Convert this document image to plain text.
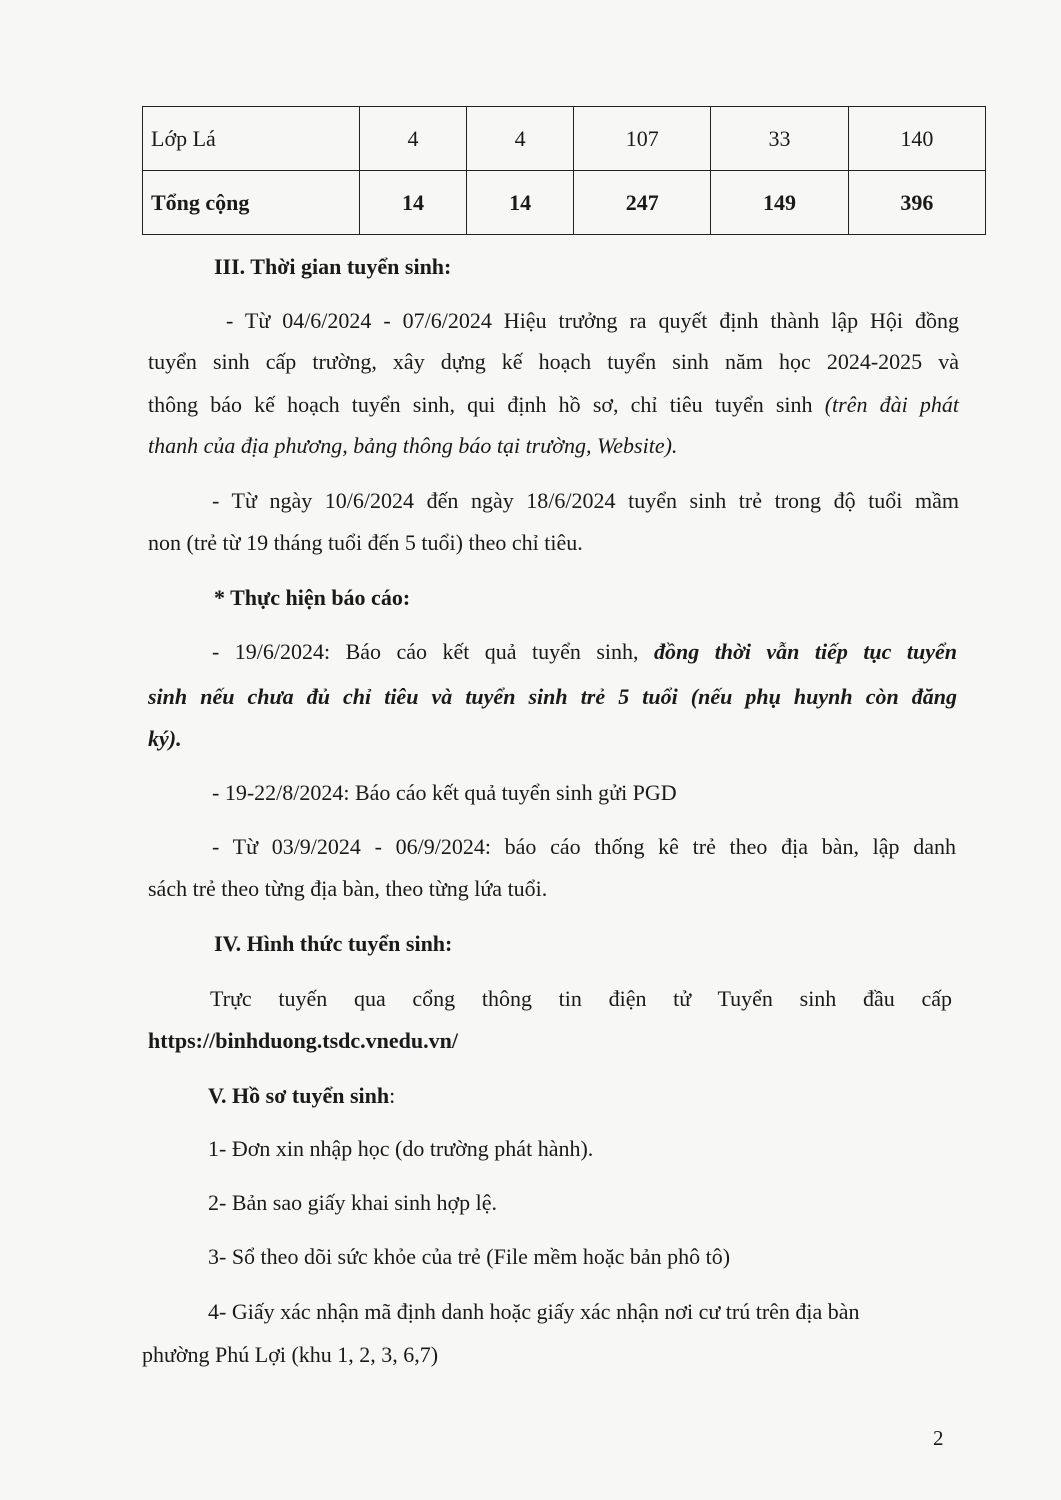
Lớp Lá	4	4	107	33	140
Tổng cộng	14	14	247	149	396
III. Thời gian tuyển sinh:
- Từ 04/6/2024 - 07/6/2024 Hiệu trưởng ra quyết định thành lập Hội đồng
tuyển sinh cấp trường, xây dựng kế hoạch tuyển sinh năm học 2024-2025 và
thông báo kế hoạch tuyển sinh, qui định hồ sơ, chỉ tiêu tuyển sinh (trên đài phát
thanh của địa phương, bảng thông báo tại trường, Website).
- Từ ngày 10/6/2024 đến ngày 18/6/2024 tuyển sinh trẻ trong độ tuổi mầm
non (trẻ từ 19 tháng tuổi đến 5 tuổi) theo chỉ tiêu.
* Thực hiện báo cáo:
- 19/6/2024: Báo cáo kết quả tuyển sinh, đồng thời vẫn tiếp tục tuyển
sinh nếu chưa đủ chỉ tiêu và tuyển sinh trẻ 5 tuổi (nếu phụ huynh còn đăng
ký).
- 19-22/8/2024: Báo cáo kết quả tuyển sinh gửi PGD
- Từ 03/9/2024 - 06/9/2024: báo cáo thống kê trẻ theo địa bàn, lập danh
sách trẻ theo từng địa bàn, theo từng lứa tuổi.
IV. Hình thức tuyển sinh:
Trực tuyến qua cổng thông tin điện tử Tuyển sinh đầu cấp
https://binhduong.tsdc.vnedu.vn/
V. Hồ sơ tuyển sinh:
1- Đơn xin nhập học (do trường phát hành).
2- Bản sao giấy khai sinh hợp lệ.
3- Sổ theo dõi sức khỏe của trẻ (File mềm hoặc bản phô tô)
4- Giấy xác nhận mã định danh hoặc giấy xác nhận nơi cư trú trên địa bàn
phường Phú Lợi (khu 1, 2, 3, 6,7)
2
